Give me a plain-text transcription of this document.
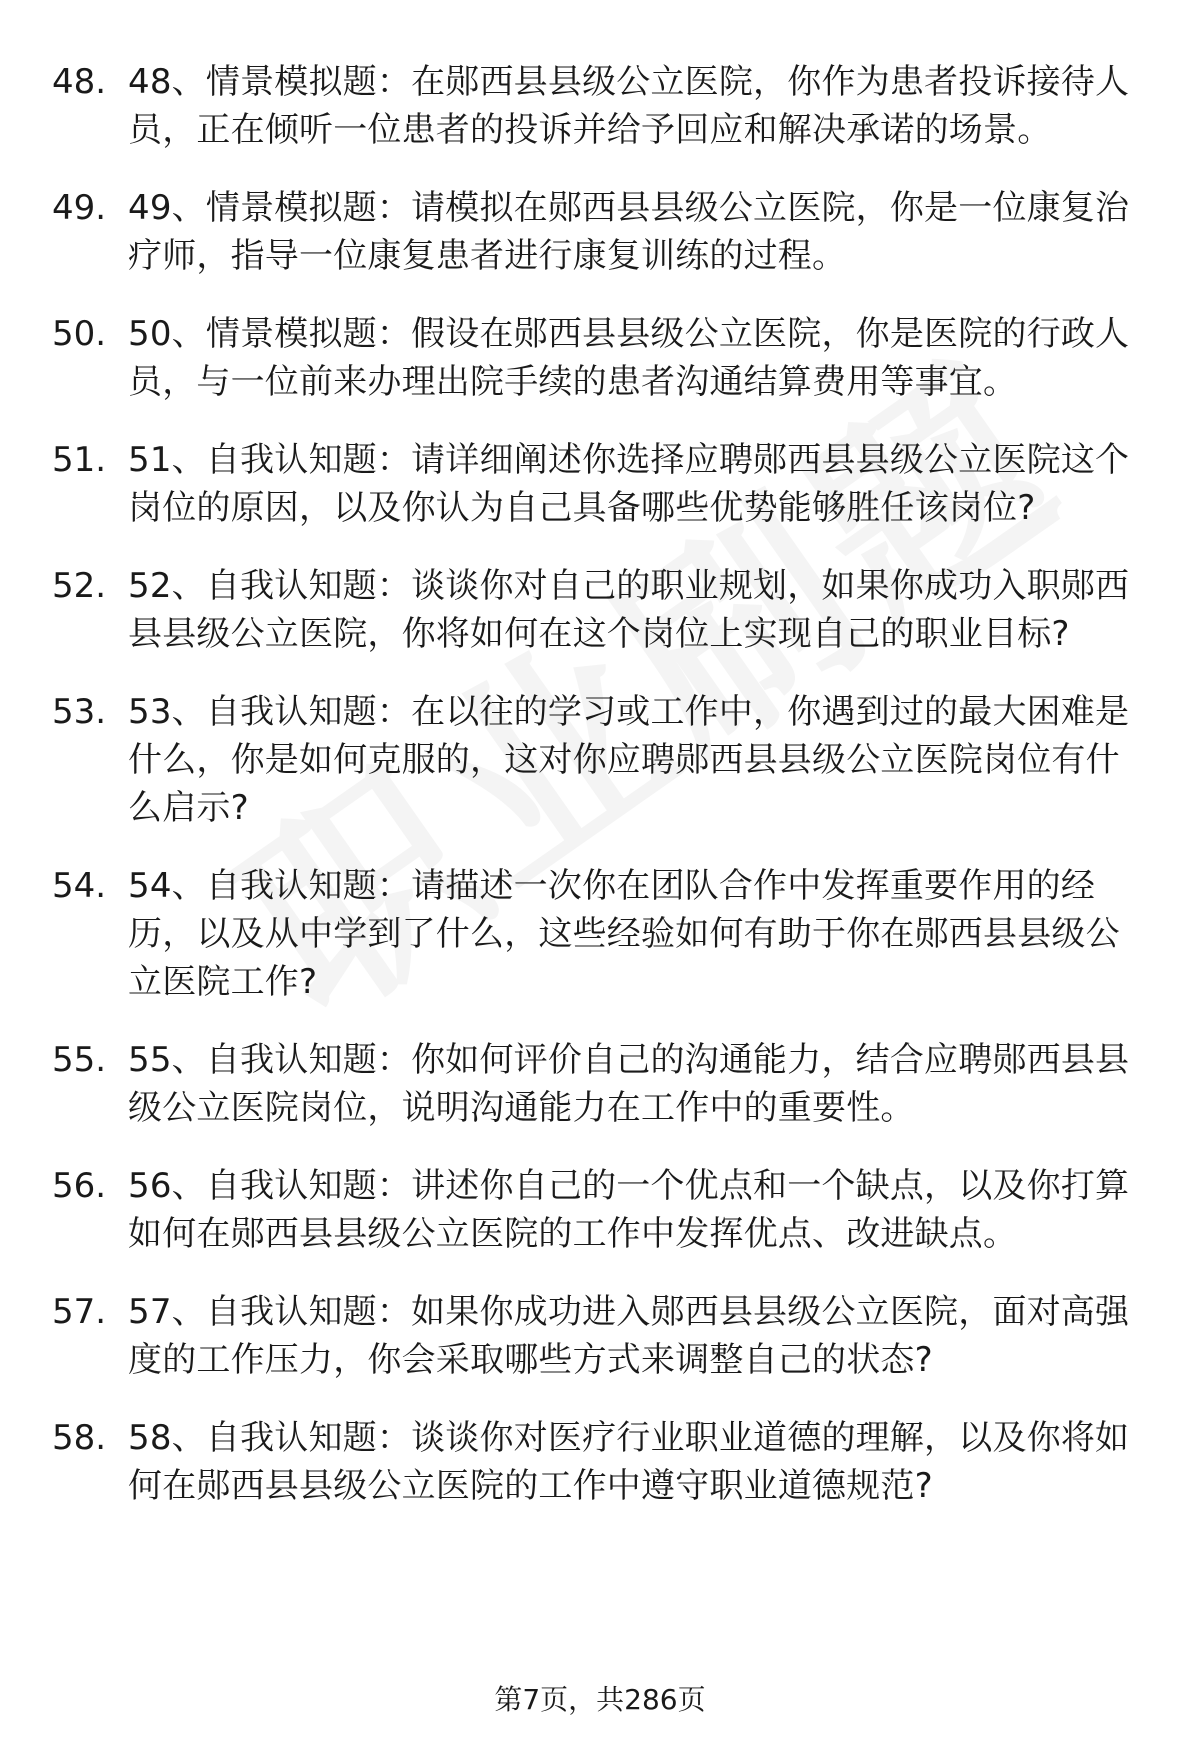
48. 48、情景模拟题：在郧西县县级公立医院，你作为患者投诉接待人员，正在倾听一位患者的投诉并给予回应和解决承诺的场景。
49. 49、情景模拟题：请模拟在郧西县县级公立医院，你是一位康复治疗师，指导一位康复患者进行康复训练的过程。
50. 50、情景模拟题：假设在郧西县县级公立医院，你是医院的行政人员，与一位前来办理出院手续的患者沟通结算费用等事宜。
51. 51、自我认知题：请详细阐述你选择应聘郧西县县级公立医院这个岗位的原因，以及你认为自己具备哪些优势能够胜任该岗位?
52. 52、自我认知题：谈谈你对自己的职业规划，如果你成功入职郧西县县级公立医院，你将如何在这个岗位上实现自己的职业目标?
53. 53、自我认知题：在以往的学习或工作中，你遇到过的最大困难是什么，你是如何克服的，这对你应聘郧西县县级公立医院岗位有什么启示?
54. 54、自我认知题：请描述一次你在团队合作中发挥重要作用的经历，以及从中学到了什么，这些经验如何有助于你在郧西县县级公立医院工作?
55. 55、自我认知题：你如何评价自己的沟通能力，结合应聘郧西县县级公立医院岗位，说明沟通能力在工作中的重要性。
56. 56、自我认知题：讲述你自己的一个优点和一个缺点，以及你打算如何在郧西县县级公立医院的工作中发挥优点、改进缺点。
57. 57、自我认知题：如果你成功进入郧西县县级公立医院，面对高强度的工作压力，你会采取哪些方式来调整自己的状态?
58. 58、自我认知题：谈谈你对医疗行业职业道德的理解，以及你将如何在郧西县县级公立医院的工作中遵守职业道德规范?
第7页，共286页
